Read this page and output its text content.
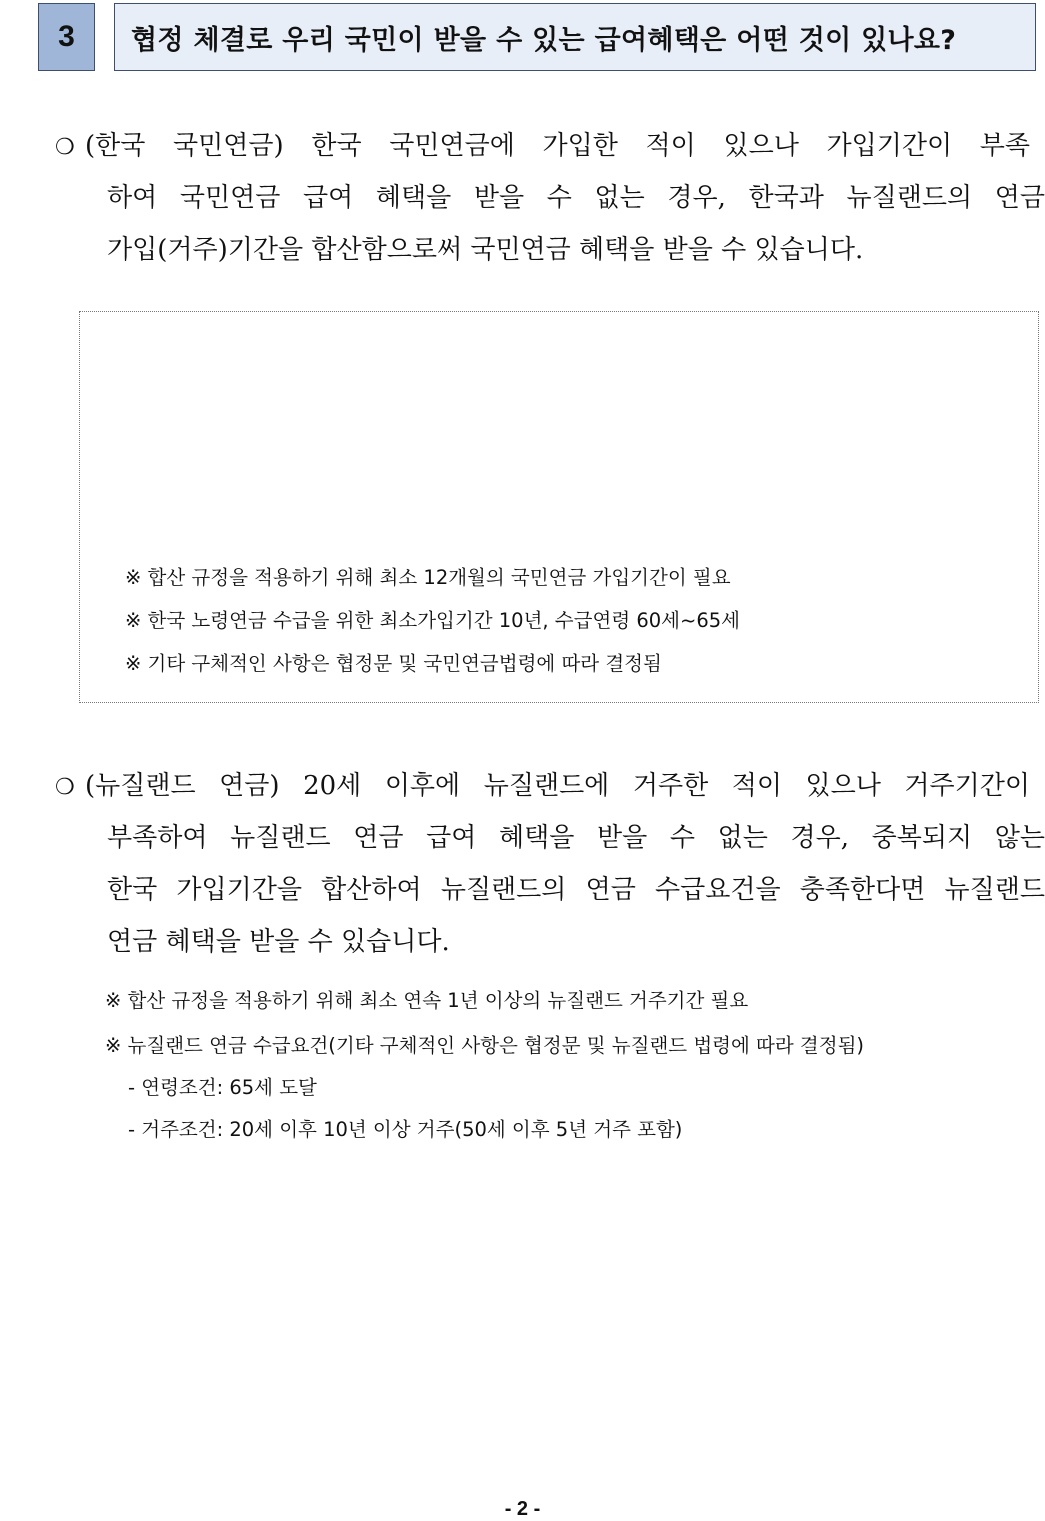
3	협정 체결로 우리 국민이 받을 수 있는 급여혜택은 어떤 것이 있나요?
❍ (한국 국민연금) 한국 국민연금에 가입한 적이 있으나 가입기간이 부족
하여 국민연금 급여 혜택을 받을 수 없는 경우, 한국과 뉴질랜드의 연금
가입(거주)기간을 합산함으로써 국민연금 혜택을 받을 수 있습니다.
※ 합산 규정을 적용하기 위해 최소 12개월의 국민연금 가입기간이 필요
※ 한국 노령연금 수급을 위한 최소가입기간 10년, 수급연령 60세~65세
※ 기타 구체적인 사항은 협정문 및 국민연금법령에 따라 결정됨
❍ (뉴질랜드 연금) 20세 이후에 뉴질랜드에 거주한 적이 있으나 거주기간이
부족하여 뉴질랜드 연금 급여 혜택을 받을 수 없는 경우, 중복되지 않는
한국 가입기간을 합산하여 뉴질랜드의 연금 수급요건을 충족한다면 뉴질랜드
연금 혜택을 받을 수 있습니다.
※ 합산 규정을 적용하기 위해 최소 연속 1년 이상의 뉴질랜드 거주기간 필요
※ 뉴질랜드 연금 수급요건(기타 구체적인 사항은 협정문 및 뉴질랜드 법령에 따라 결정됨)
- 연령조건: 65세 도달
- 거주조건: 20세 이후 10년 이상 거주(50세 이후 5년 거주 포함)
- 2 -
